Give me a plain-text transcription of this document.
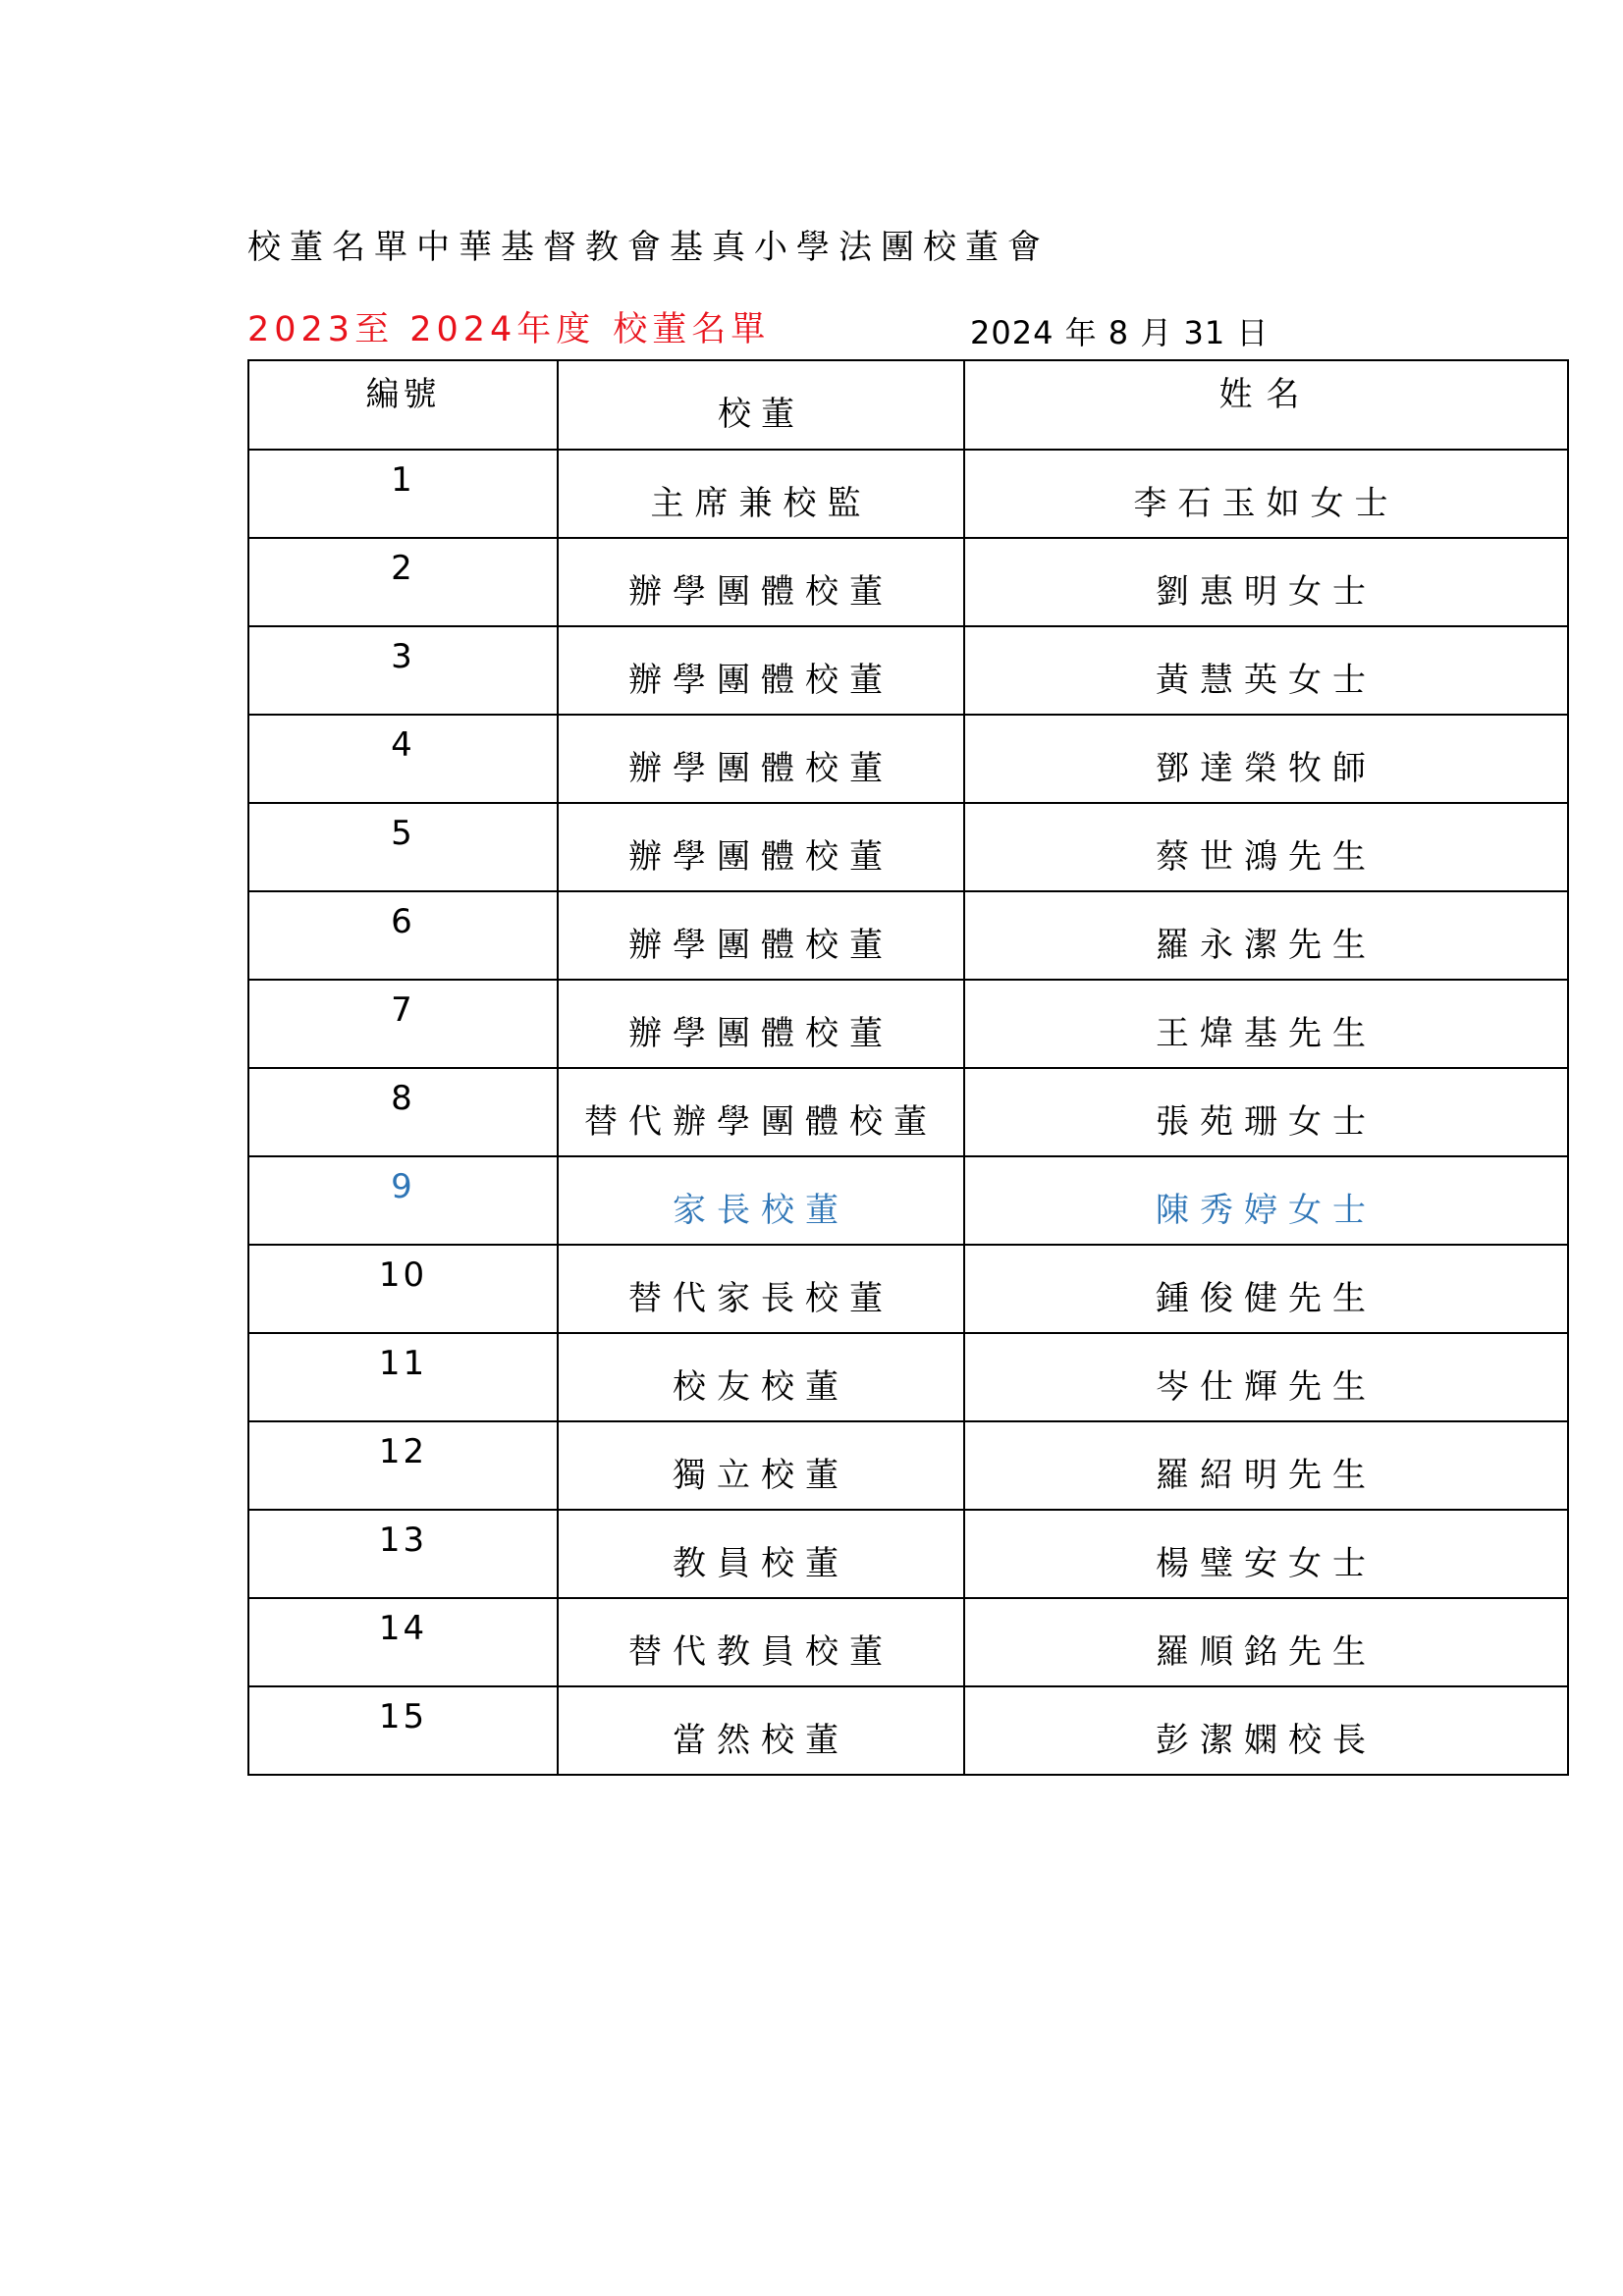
校董名單中華基督教會基真小學法團校董會
2023至 2024年度 校董名單	2024 年 8 月 31 日
編號	校董	姓名
1	主席兼校監	李石玉如女士
2	辦學團體校董	劉惠明女士
3	辦學團體校董	黃慧英女士
4	辦學團體校董	鄧達榮牧師
5	辦學團體校董	蔡世鴻先生
6	辦學團體校董	羅永潔先生
7	辦學團體校董	王煒基先生
8	替代辦學團體校董	張苑珊女士
9	家長校董	陳秀婷女士
10	替代家長校董	鍾俊健先生
11	校友校董	岑仕輝先生
12	獨立校董	羅紹明先生
13	教員校董	楊璧安女士
14	替代教員校董	羅順銘先生
15	當然校董	彭潔嫻校長
